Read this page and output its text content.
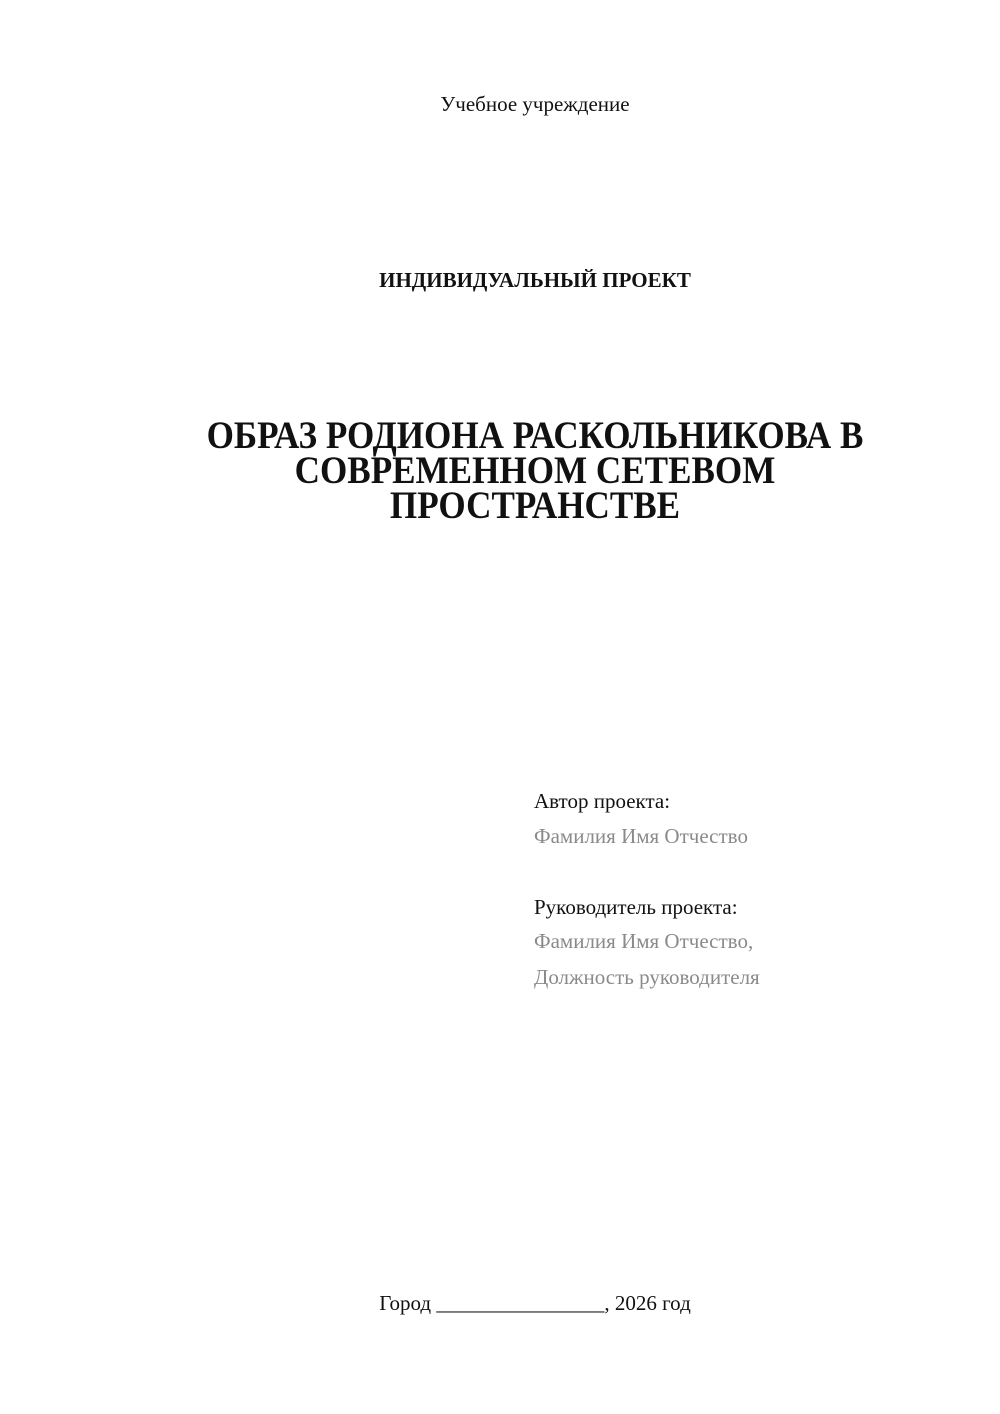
Учебное учреждение
ИНДИВИДУАЛЬНЫЙ ПРОЕКТ
ОБРАЗ РОДИОНА РАСКОЛЬНИКОВА В
СОВРЕМЕННОМ СЕТЕВОМ
ПРОСТРАНСТВЕ
Автор проекта:
Фамилия Имя Отчество
Руководитель проекта:
Фамилия Имя Отчество,
Должность руководителя
Город ________________, 2026 год
